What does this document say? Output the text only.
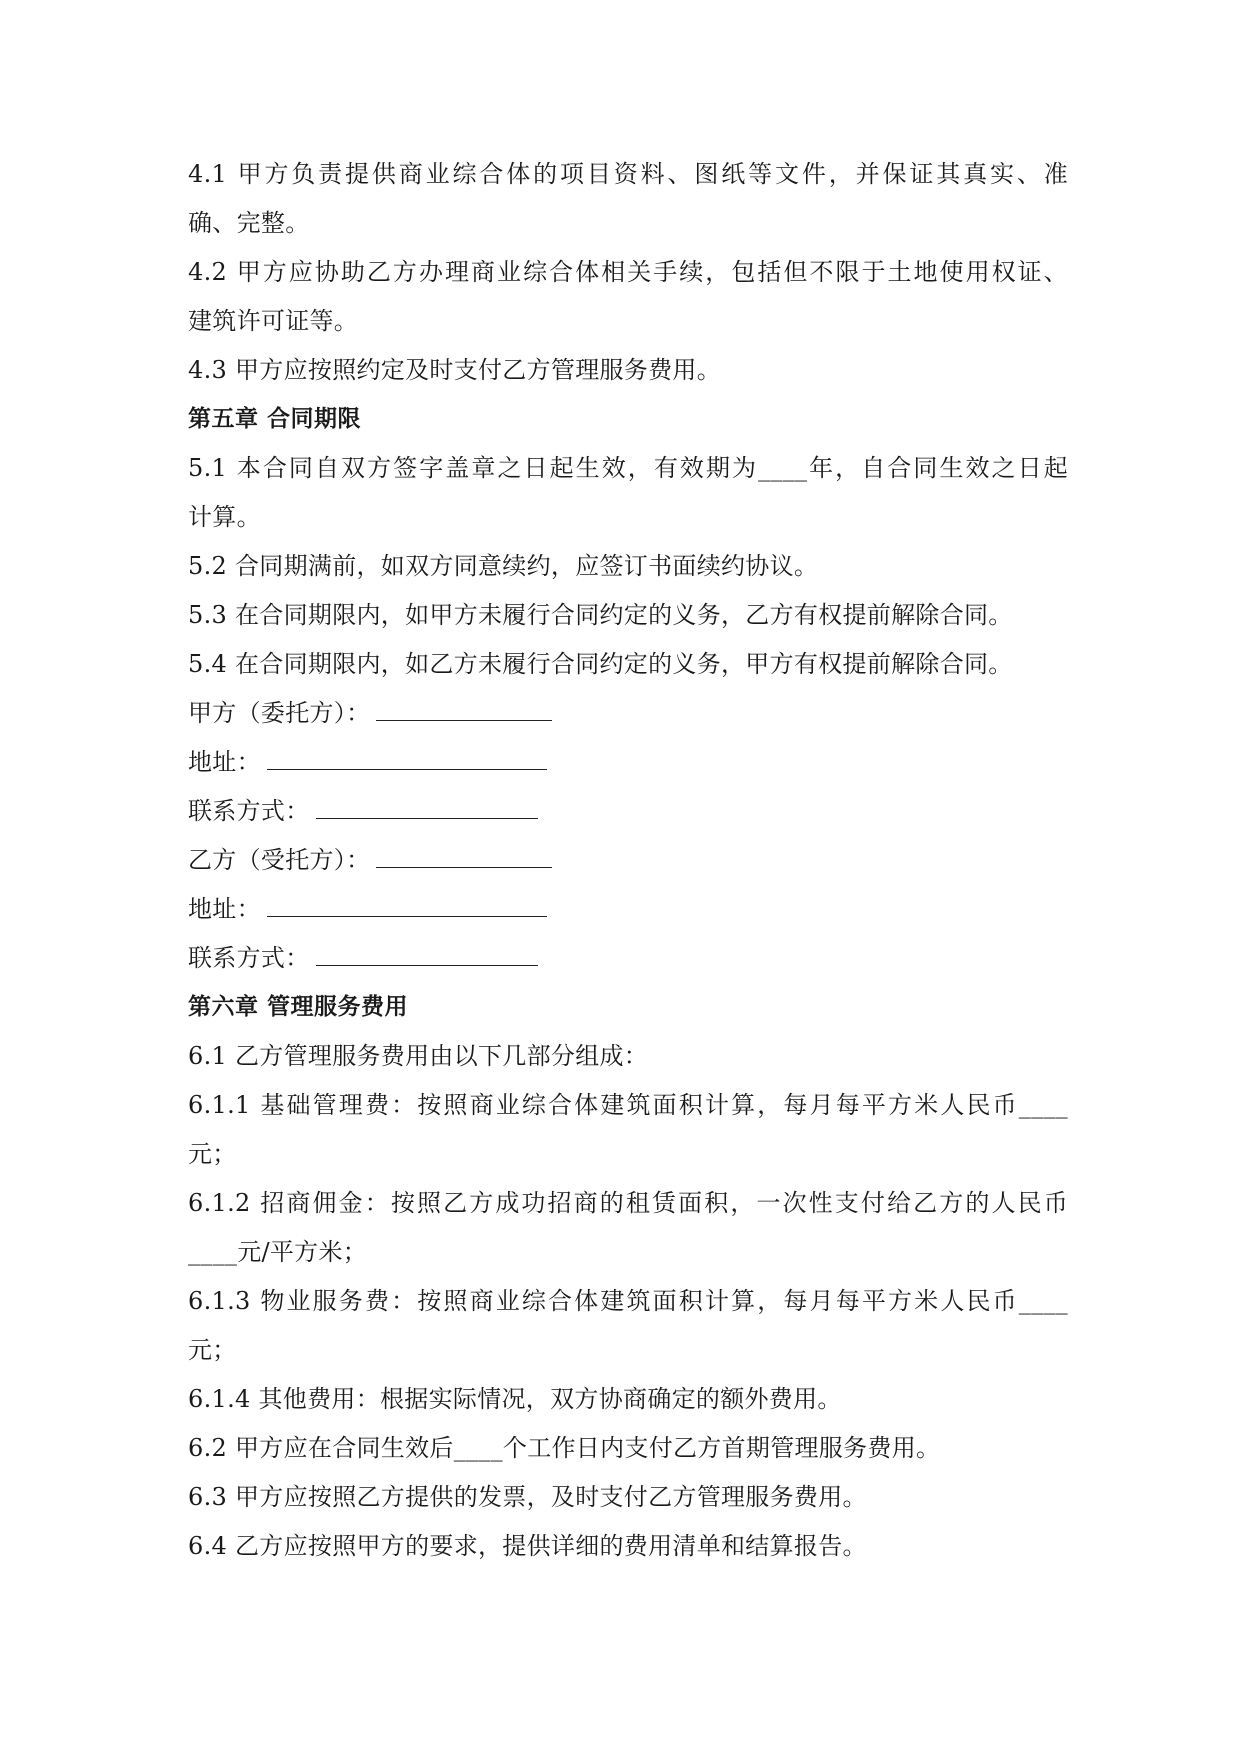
4.1 甲方负责提供商业综合体的项目资料、图纸等文件，并保证其真实、准
确、完整。
4.2 甲方应协助乙方办理商业综合体相关手续，包括但不限于土地使用权证、
建筑许可证等。
4.3 甲方应按照约定及时支付乙方管理服务费用。
第五章 合同期限
5.1 本合同自双方签字盖章之日起生效，有效期为____年，自合同生效之日起
计算。
5.2 合同期满前，如双方同意续约，应签订书面续约协议。
5.3 在合同期限内，如甲方未履行合同约定的义务，乙方有权提前解除合同。
5.4 在合同期限内，如乙方未履行合同约定的义务，甲方有权提前解除合同。
甲方（委托方）：
地址：
联系方式：
乙方（受托方）：
地址：
联系方式：
第六章 管理服务费用
6.1 乙方管理服务费用由以下几部分组成：
6.1.1 基础管理费：按照商业综合体建筑面积计算，每月每平方米人民币____
元；
6.1.2 招商佣金：按照乙方成功招商的租赁面积，一次性支付给乙方的人民币
____元/平方米；
6.1.3 物业服务费：按照商业综合体建筑面积计算，每月每平方米人民币____
元；
6.1.4 其他费用：根据实际情况，双方协商确定的额外费用。
6.2 甲方应在合同生效后____个工作日内支付乙方首期管理服务费用。
6.3 甲方应按照乙方提供的发票，及时支付乙方管理服务费用。
6.4 乙方应按照甲方的要求，提供详细的费用清单和结算报告。
